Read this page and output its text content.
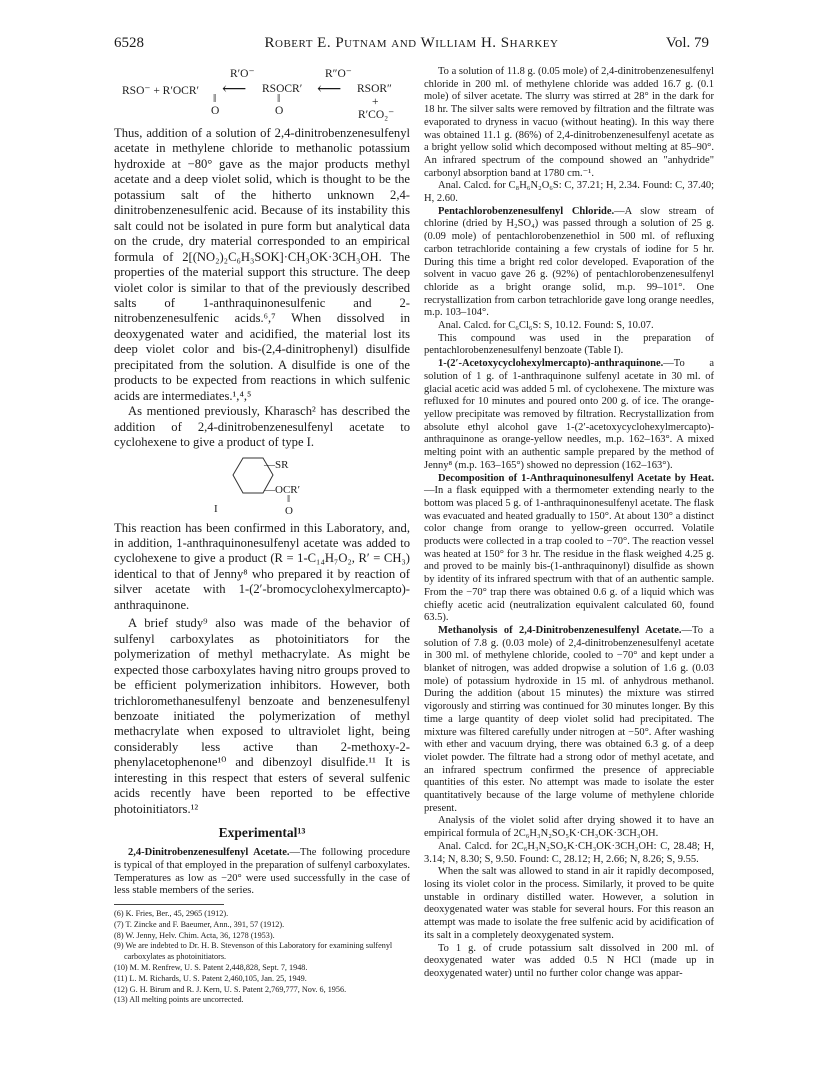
6528	Robert E. Putnam and William H. Sharkey	Vol. 79
R′O⁻	R″O⁻
RSO⁻ + R′OCR′ ⟵ RSOCR′ ⟵ RSOR″
‖	‖
O	O
+
R′CO₂⁻

Thus, addition of a solution of 2,4-dinitrobenzenesulfenyl acetate in methylene chloride to methanolic potassium hydroxide at −80° gave as the major products methyl acetate and a deep violet solid, which is thought to be the potassium salt of the hitherto unknown 2,4-dinitrobenzenesulfenic acid. Because of its instability this salt could not be isolated in pure form but analytical data on the crude, dry material corresponded to an empirical formula of 2[(NO₂)₂C₆H₃SOK]·CH₃OK·3CH₃OH. The properties of the material support this structure. The deep violet color is similar to that of the previously described salts of 1-anthraquinonesulfenic and 2-nitrobenzenesulfenic acids.⁶,⁷ When dissolved in deoxygenated water and acidified, the material lost its deep violet color and bis-(2,4-dinitrophenyl) disulfide precipitated from the solution. A disulfide is one of the products to be expected from reactions in which sulfenic acids are intermediates.¹,⁴,⁵

As mentioned previously, Kharasch² has described the addition of 2,4-dinitrobenzenesulfenyl acetate to cyclohexene to give a product of type I.

—SR
—OCR′
‖
O
I

This reaction has been confirmed in this Laboratory, and, in addition, 1-anthraquinonesulfenyl acetate was added to cyclohexene to give a product (R = 1-C₁₄H₇O₂, R′ = CH₃) identical to that of Jenny⁸ who prepared it by reaction of silver acetate with 1-(2′-bromocyclohexylmercapto)-anthraquinone.

A brief study⁹ also was made of the behavior of sulfenyl carboxylates as photoinitiators for the polymerization of methyl methacrylate. As might be expected those carboxylates having nitro groups proved to be efficient polymerization inhibitors. However, both trichloromethanesulfenyl benzoate and benzenesulfenyl benzoate initiated the polymerization of methyl methacrylate when exposed to ultraviolet light, being considerably less active than 2-methoxy-2-phenylacetophenone¹⁰ and dibenzoyl disulfide.¹¹ It is interesting in this respect that esters of several sulfenic acids recently have been reported to be effective photoinitiators.¹²

Experimental¹³

2,4-Dinitrobenzenesulfenyl Acetate.—The following procedure is typical of that employed in the preparation of sulfenyl carboxylates. Temperatures as low as −20° were used successfully in the case of less stable members of the series.

(6) K. Fries, Ber., 45, 2965 (1912).

(7) T. Zincke and F. Baeumer, Ann., 391, 57 (1912).

(8) W. Jenny, Helv. Chim. Acta, 36, 1278 (1953).

(9) We are indebted to Dr. H. B. Stevenson of this Laboratory for examining sulfenyl carboxylates as photoinitiators.

(10) M. M. Renfrew, U. S. Patent 2,448,828, Sept. 7, 1948.

(11) L. M. Richards, U. S. Patent 2,460,105, Jan. 25, 1949.

(12) G. H. Birum and R. J. Kern, U. S. Patent 2,769,777, Nov. 6, 1956.

(13) All melting points are uncorrected.

To a solution of 11.8 g. (0.05 mole) of 2,4-dinitrobenzenesulfenyl chloride in 200 ml. of methylene chloride was added 16.7 g. (0.1 mole) of silver acetate. The slurry was stirred at 28° in the dark for 18 hr. The silver salts were removed by filtration and the filtrate was evaporated to dryness in vacuo (without heating). In this way there was obtained 11.1 g. (86%) of 2,4-dinitrobenzenesulfenyl acetate as a bright yellow solid which decomposed without melting at 85–90°. An infrared spectrum of the compound showed an "anhydride" carbonyl absorption band at 1780 cm.⁻¹.

Anal. Calcd. for C₈H₆N₂O₆S: C, 37.21; H, 2.34. Found: C, 37.40; H, 2.60.

Pentachlorobenzenesulfenyl Chloride.—A slow stream of chlorine (dried by H₂SO₄) was passed through a solution of 25 g. (0.09 mole) of pentachlorobenzenethiol in 500 ml. of refluxing carbon tetrachloride containing a few crystals of iodine for 5 hr. During this time a bright red color developed. Evaporation of the solvent in vacuo gave 26 g. (92%) of pentachlorobenzenesulfenyl chloride as a bright orange solid, m.p. 99–101°. One recrystallization from carbon tetrachloride gave long orange needles, m.p. 103–104°.

Anal. Calcd. for C₆Cl₆S: S, 10.12. Found: S, 10.07.

This compound was used in the preparation of pentachlorobenzenesulfenyl benzoate (Table I).

1-(2′-Acetoxycyclohexylmercapto)-anthraquinone.—To a solution of 1 g. of 1-anthraquinone sulfenyl acetate in 30 ml. of glacial acetic acid was added 5 ml. of cyclohexene. The mixture was refluxed for 10 minutes and poured onto 200 g. of ice. The orange-yellow precipitate was removed by filtration. Recrystallization from absolute ethyl alcohol gave 1-(2′-acetoxycyclohexylmercapto)-anthraquinone as orange-yellow needles, m.p. 162–163°. A mixed melting point with an authentic sample prepared by the method of Jenny⁸ (m.p. 163–165°) showed no depression (162–163°).

Decomposition of 1-Anthraquinonesulfenyl Acetate by Heat.—In a flask equipped with a thermometer extending nearly to the bottom was placed 5 g. of 1-anthraquinonesulfenyl acetate. The flask was evacuated and heated gradually to 150°. At about 130° a distinct color change from orange to yellow-green occurred. Volatile products were collected in a trap cooled to −70°. The reaction vessel was heated at 150° for 3 hr. The residue in the flask weighed 4.25 g. and proved to be mainly bis-(1-anthraquinonyl) disulfide as shown by identity of its infrared spectrum with that of an authentic sample. From the −70° trap there was obtained 0.6 g. of a liquid which was chiefly acetic acid (neutralization equivalent calculated 60, found 63.5).

Methanolysis of 2,4-Dinitrobenzenesulfenyl Acetate.—To a solution of 7.8 g. (0.03 mole) of 2,4-dinitrobenzenesulfenyl acetate in 300 ml. of methylene chloride, cooled to −70° and kept under a blanket of nitrogen, was added dropwise a solution of 1.6 g. (0.03 mole) of potassium hydroxide in 15 ml. of anhydrous methanol. During the addition (about 15 minutes) the mixture was stirred vigorously and stirring was continued for 30 minutes longer. By this time a large quantity of deep violet solid had precipitated. The mixture was filtered carefully under nitrogen at −50°. After washing with ether and vacuum drying, there was obtained 6.3 g. of a deep violet powder. The filtrate had a strong odor of methyl acetate, and an infrared spectrum confirmed the presence of appreciable quantities of this ester. No attempt was made to isolate the ester quantitatively because of the large volume of methylene chloride present.

Analysis of the violet solid after drying showed it to have an empirical formula of 2C₆H₃N₂SO₅K·CH₃OK·3CH₃OH.

Anal. Calcd. for 2C₆H₃N₂SO₅K·CH₃OK·3CH₃OH: C, 28.48; H, 3.14; N, 8.30; S, 9.50. Found: C, 28.12; H, 2.66; N, 8.26; S, 9.55.

When the salt was allowed to stand in air it rapidly decomposed, losing its violet color in the process. Similarly, it proved to be quite unstable in ordinary distilled water. However, a solution in deoxygenated water was stable for several hours. For this reason an attempt was made to isolate the free sulfenic acid by acidification of its salt in a completely deoxygenated system.

To 1 g. of crude potassium salt dissolved in 200 ml. of deoxygenated water was added 0.5 N HCl (made up in deoxygenated water) until no further color change was appar-
